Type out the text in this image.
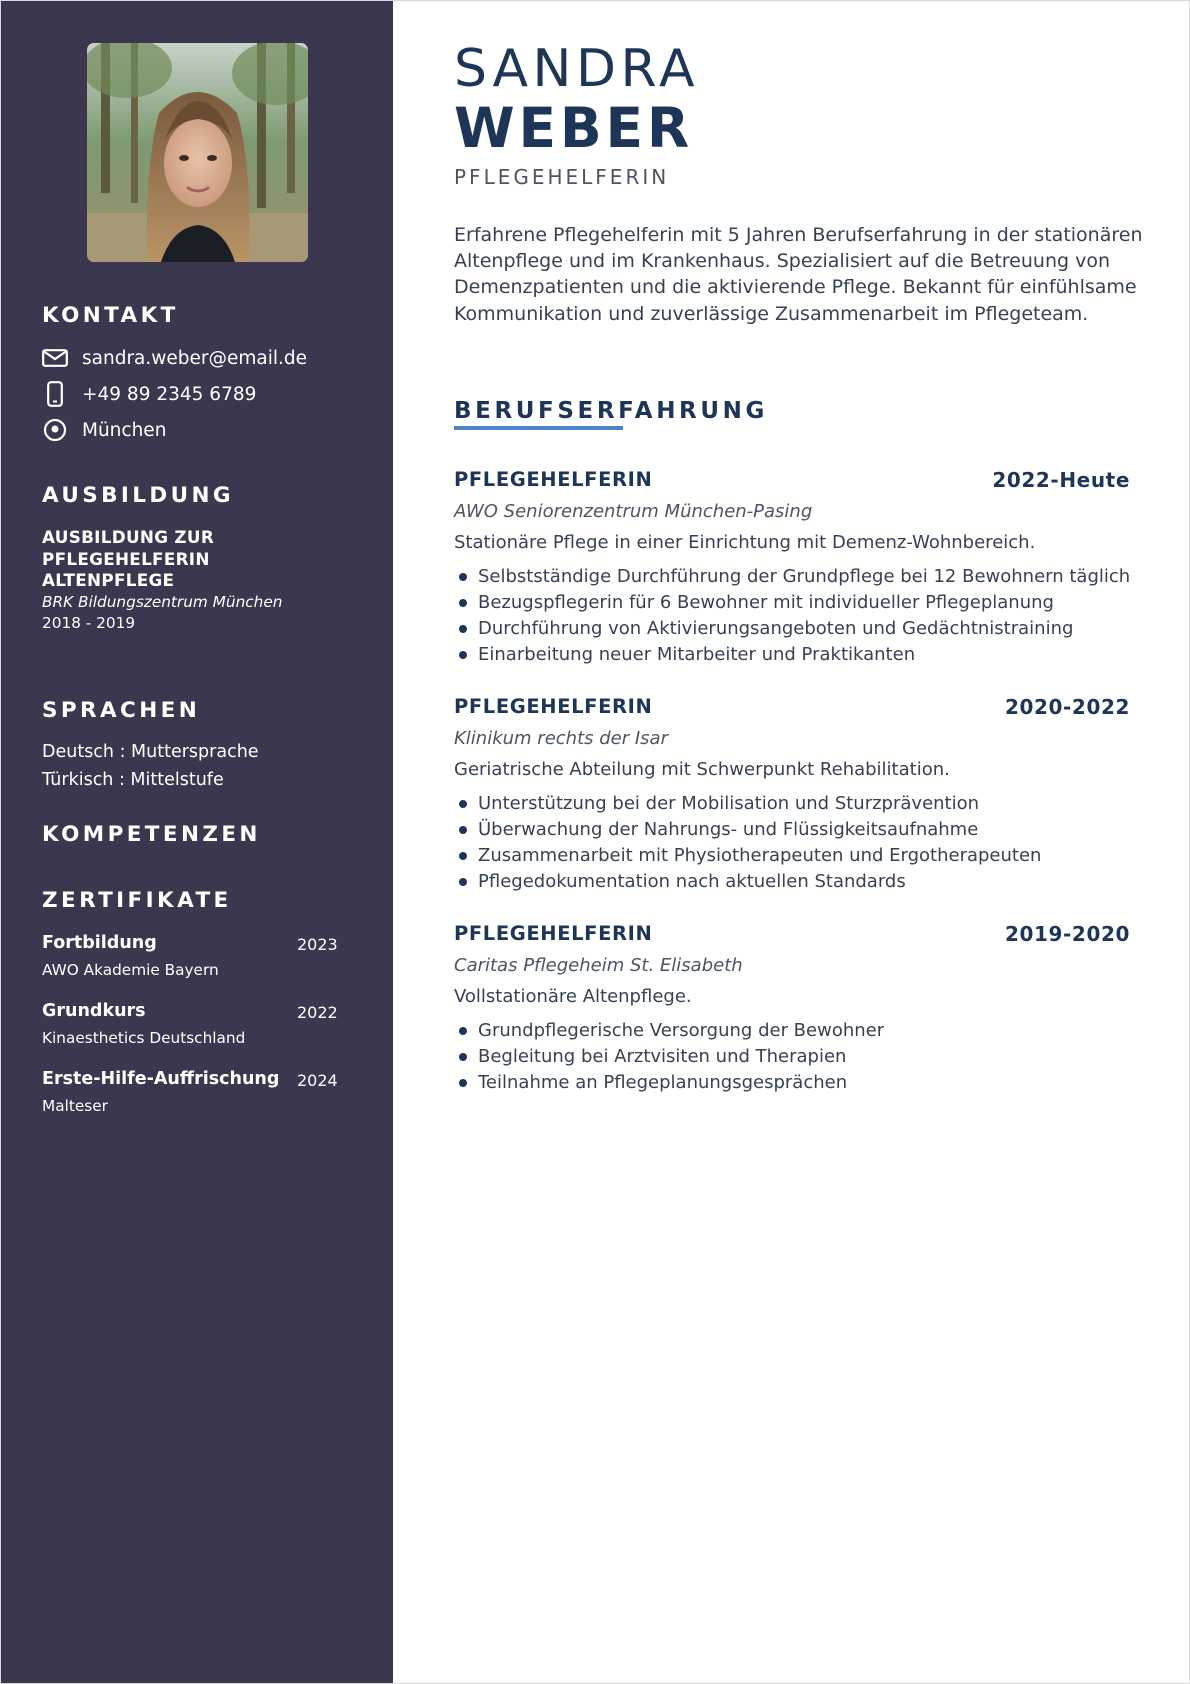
KONTAKT
sandra.weber@email.de
+49 89 2345 6789
München
AUSBILDUNG
AUSBILDUNG ZUR PFLEGEHELFERIN ALTENPFLEGE
BRK Bildungszentrum München
2018 - 2019
SPRACHEN
Deutsch : Muttersprache
Türkisch : Mittelstufe
KOMPETENZEN
ZERTIFIKATE
Fortbildung	2023
AWO Akademie Bayern
Grundkurs	2022
Kinaesthetics Deutschland
Erste-Hilfe-Auffrischung 2024
Malteser
SANDRA
WEBER
PFLEGEHELFERIN

Erfahrene Pflegehelferin mit 5 Jahren Berufserfahrung in der stationären Altenpflege und im Krankenhaus. Spezialisiert auf die Betreuung von Demenzpatienten und die aktivierende Pflege. Bekannt für einfühlsame Kommunikation und zuverlässige Zusammenarbeit im Pflegeteam.

BERUFSERFAHRUNG
PFLEGEHELFERIN	2022-Heute
AWO Seniorenzentrum München-Pasing
Stationäre Pflege in einer Einrichtung mit Demenz-Wohnbereich.
Selbstständige Durchführung der Grundpflege bei 12 Bewohnern täglich
Bezugspflegerin für 6 Bewohner mit individueller Pflegeplanung
Durchführung von Aktivierungsangeboten und Gedächtnistraining
Einarbeitung neuer Mitarbeiter und Praktikanten
PFLEGEHELFERIN	2020-2022
Klinikum rechts der Isar
Geriatrische Abteilung mit Schwerpunkt Rehabilitation.
Unterstützung bei der Mobilisation und Sturzprävention
Überwachung der Nahrungs- und Flüssigkeitsaufnahme
Zusammenarbeit mit Physiotherapeuten und Ergotherapeuten
Pflegedokumentation nach aktuellen Standards
PFLEGEHELFERIN	2019-2020
Caritas Pflegeheim St. Elisabeth
Vollstationäre Altenpflege.
Grundpflegerische Versorgung der Bewohner
Begleitung bei Arztvisiten und Therapien
Teilnahme an Pflegeplanungsgesprächen
